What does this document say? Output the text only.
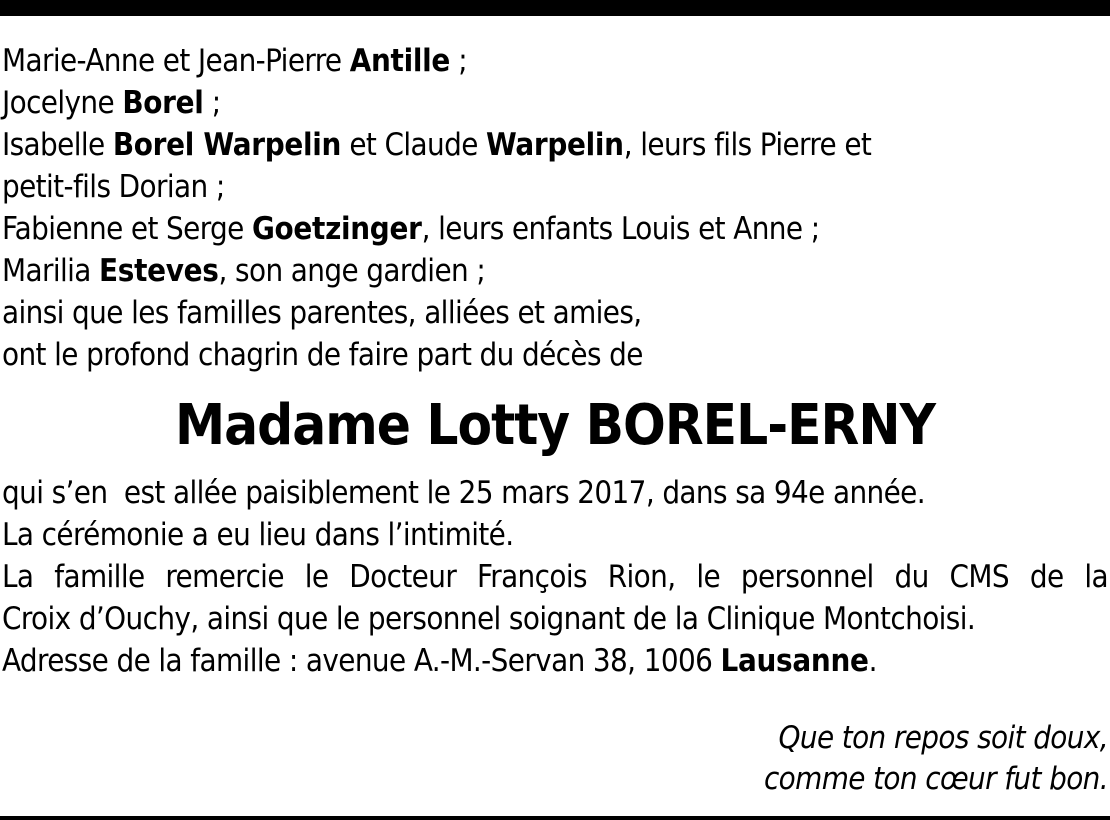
Marie-Anne et Jean-Pierre Antille ;
Jocelyne Borel ;
Isabelle Borel Warpelin et Claude Warpelin, leurs fils Pierre et
petit-fils Dorian ;
Fabienne et Serge Goetzinger, leurs enfants Louis et Anne ;
Marilia Esteves, son ange gardien ;
ainsi que les familles parentes, alliées et amies,
ont le profond chagrin de faire part du décès de
Madame Lotty BOREL-ERNY
qui s’en  est allée paisiblement le 25 mars 2017, dans sa 94e année.
La cérémonie a eu lieu dans l’intimité.
La famille remercie le Docteur François Rion, le personnel du CMS de la
Croix d’Ouchy, ainsi que le personnel soignant de la Clinique Montchoisi.
Adresse de la famille : avenue A.-M.-Servan 38, 1006 Lausanne.
Que ton repos soit doux,
comme ton cœur fut bon.
